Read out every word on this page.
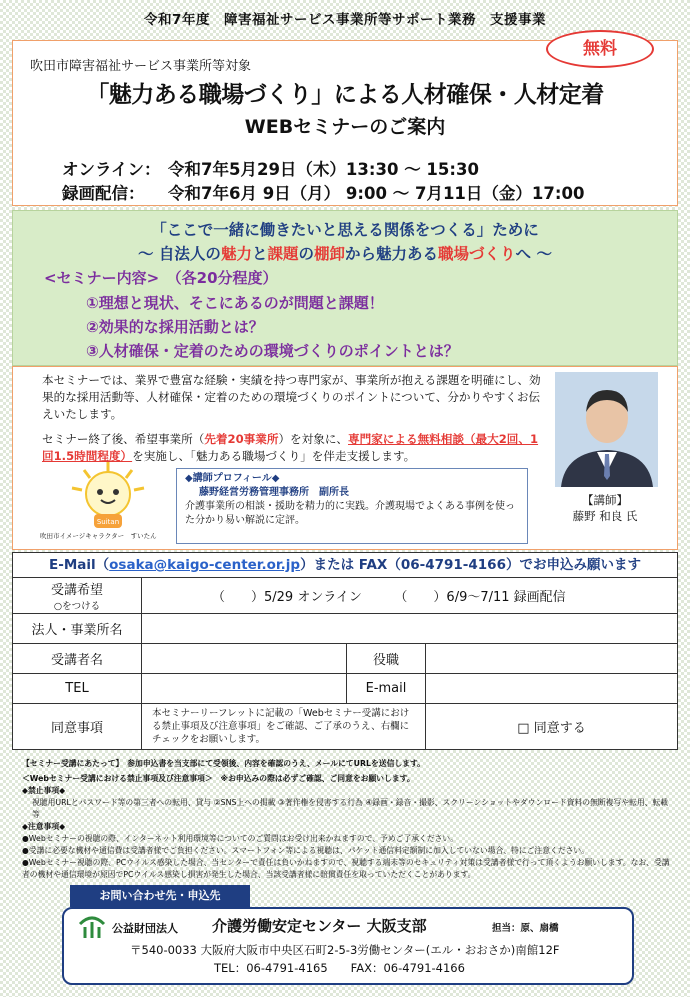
令和7年度　障害福祉サービス事業所等サポート業務　支援事業
無料
吹田市障害福祉サービス事業所等対象
「魅力ある職場づくり」による人材確保・人材定着
WEBセミナーのご案内
オンライン： 令和7年5月29日（木）13:30 ～ 15:30
録画配信： 令和7年6月 9日（月） 9:00 ～ 7月11日（金）17:00
「ここで一緒に働きたいと思える関係をつくる」ために
～ 自法人の魅力と課題の棚卸から魅力ある職場づくりへ ～
<セミナー内容>　 （各20分程度）
①理想と現状、そこにあるのが問題と課題！
②効果的な採用活動とは？
③人材確保・定着のための環境づくりのポイントとは？
本セミナーでは、業界で豊富な経験・実績を持つ専門家が、事業所が抱える課題を明確にし、効果的な採用活動等、人材確保・定着のための環境づくりのポイントについて、分かりやすくお伝えいたします。
セミナー終了後、希望事業所（先着20事業所）を対象に、専門家による無料相談（最大2回、1回1.5時間程度）を実施し、「魅力ある職場づくり」を伴走支援します。
Suitan
吹田市イメージキャラクター　すいたん
◆講師プロフィール◆
藤野経営労務管理事務所　副所長
介護事業所の相談・援助を精力的に実践。介護現場でよくある事例を使った分かり易い解説に定評。
【講師】
藤野 和良 氏
E-Mail（osaka@kaigo-center.or.jp）または FAX（06-4791-4166）でお申込み願います
受講希望
○をつける	（　　）5/29 オンライン　　　（　　）6/9～7/11 録画配信		
法人・事業所名			
受講者名		役職	
TEL		E-mail	
同意事項	本セミナーリーフレットに記載の「Webセミナー受講における禁止事項及び注意事項」をご確認、ご了承のうえ、右欄にチェックをお願いします。		□ 同意する
【セミナー受講にあたって】　 参加申込書を当支部にて受領後、内容を確認のうえ、メールにてURLを送信します。
＜Webセミナー受講における禁止事項及び注意事項＞　 ※お申込みの際は必ずご確認、ご同意をお願いします。
◆禁止事項◆
視聴用URLとパスワード等の第三者への転用、貸与 ②SNS上への掲載 ③著作権を侵害する行為 ④録画・録音・撮影、スクリーンショットやダウンロード資料の無断複写や転用、転載等
◆注意事項◆
●Webセミナーの視聴の際、インターネット利用環境等についてのご質問はお受け出来かねますので、予めご了承ください。
●受講に必要な機材や通信費は受講者様でご負担ください。スマートフォン等による視聴は、パケット通信料定額制に加入していない場合、特にご注意ください。
●Webセミナー視聴の際、PCウイルス感染した場合、当センターで責任は負いかねますので、視聴する端末等のセキュリティ対策は受講者様で行って頂くようお願いします。なお、受講者の機材や通信環境が原因でPCウイルス感染し損害が発生した場合、当該受講者様に賠償責任を取っていただくことがあります。
お問い合わせ先・申込先
公益財団法人 介護労働安定センター 大阪支部	担当：原、扇橋
〒540-0033 大阪府大阪市中央区石町2-5-3労働センター(エル・おおさか)南館12F
TEL：06-4791-4165　　FAX：06-4791-4166
